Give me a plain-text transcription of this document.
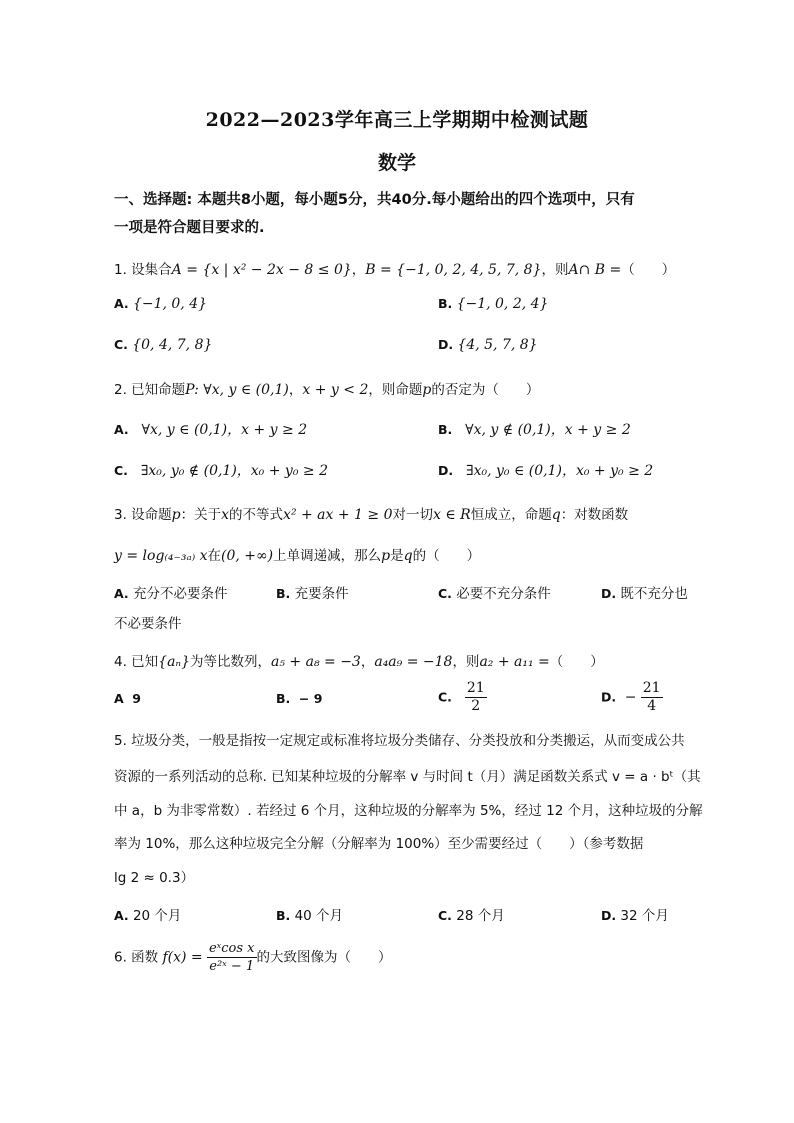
2022—2023学年高三上学期期中检测试题
数学
一、选择题: 本题共8小题，每小题5分，共40分.每小题给出的四个选项中，只有
一项是符合题目要求的.
1. 设集合A = {x | x² − 2x − 8 ≤ 0}，B = {−1, 0, 2, 4, 5, 7, 8}，则A∩ B =（　　）
A. {−1, 0, 4}	B. {−1, 0, 2, 4}
C. {0, 4, 7, 8}	D. {4, 5, 7, 8}
2. 已知命题P: ∀x, y ∈ (0,1)，x + y < 2，则命题p的否定为（　　）
A. ∀x, y ∈ (0,1)，x + y ≥ 2	B. ∀x, y ∉ (0,1)，x + y ≥ 2
C. ∃x₀, y₀ ∉ (0,1)，x₀ + y₀ ≥ 2	D. ∃x₀, y₀ ∈ (0,1)，x₀ + y₀ ≥ 2
3. 设命题p：关于x的不等式x² + ax + 1 ≥ 0对一切x ∈ R恒成立，命题q：对数函数
y = log₍₄₋₃ₐ₎ x在(0, +∞)上单调递减，那么p是q的（　　）
A. 充分不必要条件	B. 充要条件	C. 必要不充分条件	D. 既不充分也
不必要条件
4. 已知{aₙ}为等比数列，a₅ + a₈ = −3，a₄a₉ = −18，则a₂ + a₁₁ =（　　）
A 9	B. − 9	C. $\frac{21}{2}$	D. − $\frac{21}{4}$
5. 垃圾分类，一般是指按一定规定或标准将垃圾分类储存、分类投放和分类搬运，从而变成公共
资源的一系列活动的总称. 已知某种垃圾的分解率 v 与时间 t（月）满足函数关系式 v = a · bᵗ（其
中 a，b 为非零常数）. 若经过 6 个月，这种垃圾的分解率为 5%，经过 12 个月，这种垃圾的分解
率为 10%，那么这种垃圾完全分解（分解率为 100%）至少需要经过（　　）（参考数据
lg 2 ≈ 0.3）
A. 20 个月	B. 40 个月	C. 28 个月	D. 32 个月
6. 函数 $f(x) = \frac{\text{eˣcos x}}{\text{e²ˣ − 1}}$ 的大致图像为（　　）
